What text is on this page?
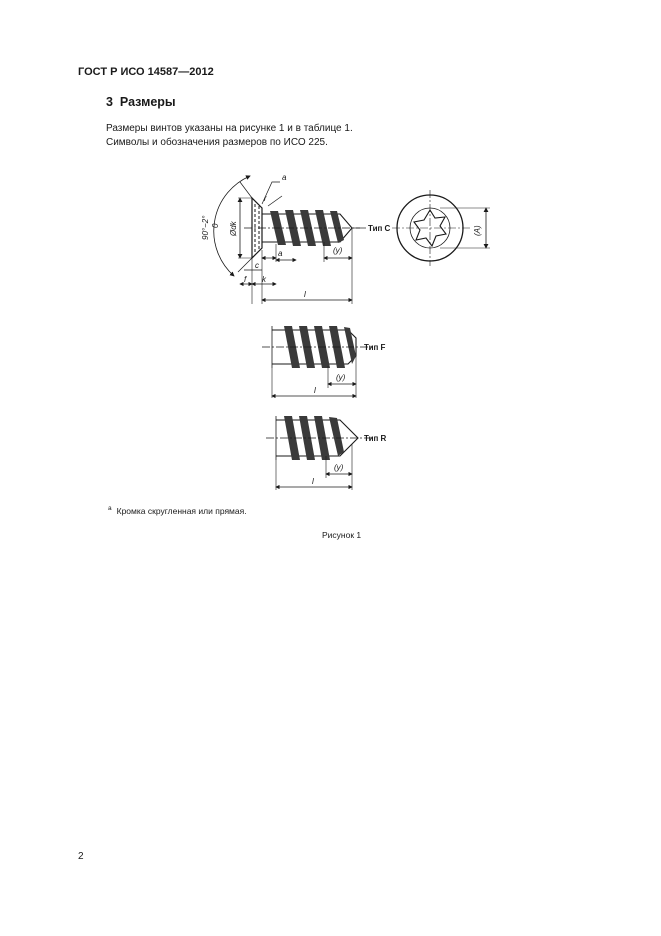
ГОСТ Р ИСО 14587—2012
3 Размеры
Размеры винтов указаны на рисунке 1 и в таблице 1.
Символы и обозначения размеров по ИСО 225.
90°−2° 0 Ødk
a
r
c
a	(y)
f k
l
Тип C	(A)
(y)
l
Тип F
(y)
l
Тип R
$^a$ Кромка скругленная или прямая.
Рисунок 1
2
